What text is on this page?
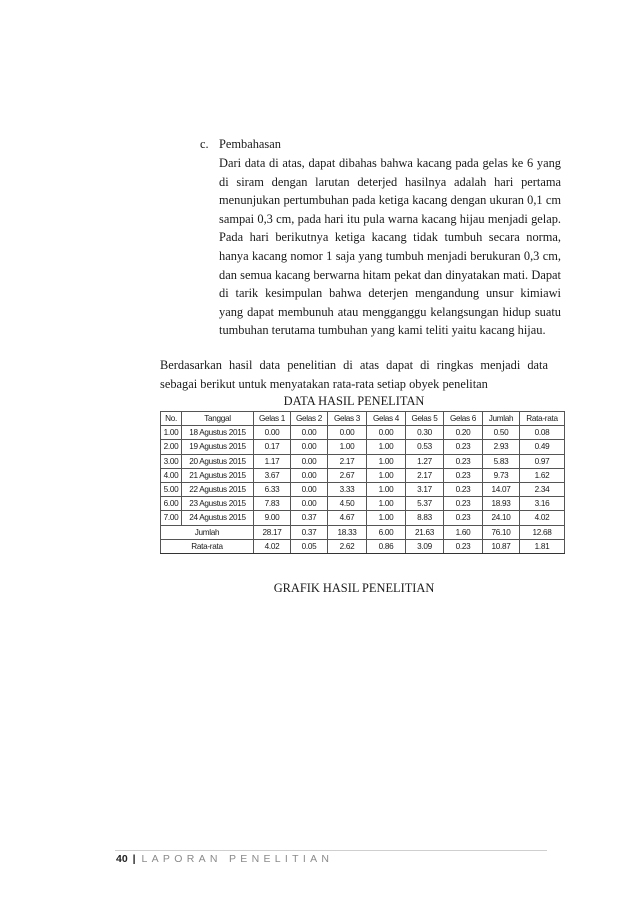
c. Pembahasan
Dari data di atas, dapat dibahas bahwa kacang pada gelas ke 6 yang di siram dengan larutan deterjed hasilnya adalah hari pertama menunjukan pertumbuhan pada ketiga kacang dengan ukuran 0,1 cm sampai 0,3 cm, pada hari itu pula warna kacang hijau menjadi gelap. Pada hari berikutnya ketiga kacang tidak tumbuh secara norma, hanya kacang nomor 1 saja yang tumbuh menjadi berukuran 0,3 cm, dan semua kacang berwarna hitam pekat dan dinyatakan mati. Dapat di tarik kesimpulan bahwa deterjen mengandung unsur kimiawi yang dapat membunuh atau mengganggu kelangsungan hidup suatu tumbuhan terutama tumbuhan yang kami teliti yaitu kacang hijau.
Berdasarkan hasil data penelitian di atas dapat di ringkas menjadi data sebagai berikut untuk menyatakan rata-rata setiap obyek penelitan
DATA HASIL PENELITAN
No.	Tanggal	Gelas 1	Gelas 2	Gelas 3	Gelas 4	Gelas 5	Gelas 6	Jumlah	Rata-rata
1.00	18 Agustus 2015	0.00	0.00	0.00	0.00	0.30	0.20	0.50	0.08
2.00	19 Agustus 2015	0.17	0.00	1.00	1.00	0.53	0.23	2.93	0.49
3.00	20 Agustus 2015	1.17	0.00	2.17	1.00	1.27	0.23	5.83	0.97
4.00	21 Agustus 2015	3.67	0.00	2.67	1.00	2.17	0.23	9.73	1.62
5.00	22 Agustus 2015	6.33	0.00	3.33	1.00	3.17	0.23	14.07	2.34
6.00	23 Agustus 2015	7.83	0.00	4.50	1.00	5.37	0.23	18.93	3.16
7.00	24 Agustus 2015	9.00	0.37	4.67	1.00	8.83	0.23	24.10	4.02
Jumlah		28.17	0.37	18.33	6.00	21.63	1.60	76.10	12.68
Rata-rata		4.02	0.05	2.62	0.86	3.09	0.23	10.87	1.81
GRAFIK HASIL PENELITIAN
40 | LAPORAN PENELITIAN
